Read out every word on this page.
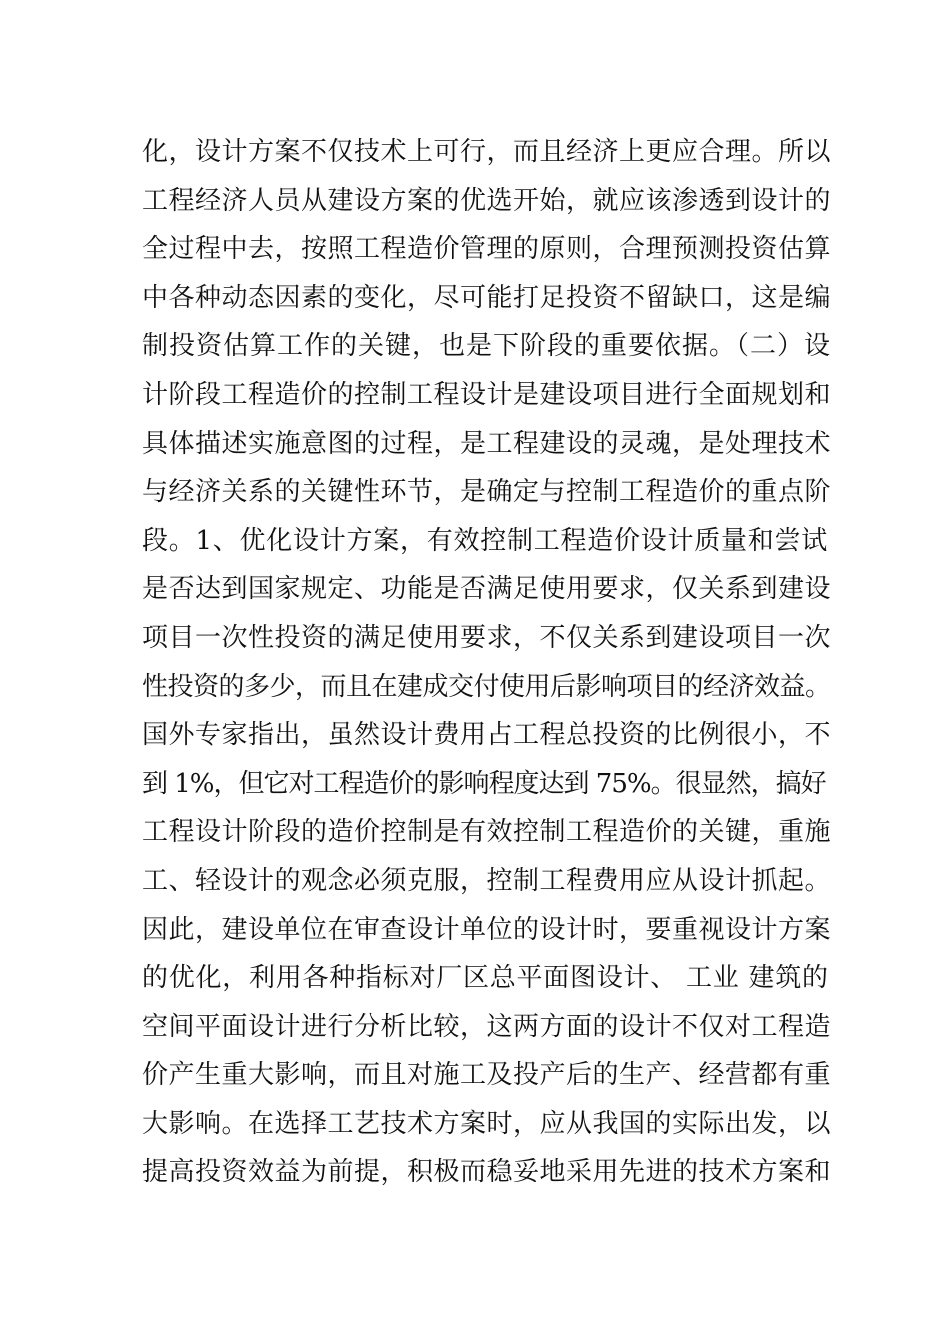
化，设计方案不仅技术上可行，而且经济上更应合理。所以
工程经济人员从建设方案的优选开始，就应该渗透到设计的
全过程中去，按照工程造价管理的原则，合理预测投资估算
中各种动态因素的变化，尽可能打足投资不留缺口，这是编
制投资估算工作的关键，也是下阶段的重要依据。（二）设
计阶段工程造价的控制工程设计是建设项目进行全面规划和
具体描述实施意图的过程，是工程建设的灵魂，是处理技术
与经济关系的关键性环节，是确定与控制工程造价的重点阶
段。1、优化设计方案，有效控制工程造价设计质量和尝试
是否达到国家规定、功能是否满足使用要求，仅关系到建设
项目一次性投资的满足使用要求，不仅关系到建设项目一次
性投资的多少，而且在建成交付使用后影响项目的经济效益。
国外专家指出，虽然设计费用占工程总投资的比例很小，不
到 1%，但它对工程造价的影响程度达到 75%。很显然，搞好
工程设计阶段的造价控制是有效控制工程造价的关键，重施
工、轻设计的观念必须克服，控制工程费用应从设计抓起。
因此，建设单位在审查设计单位的设计时，要重视设计方案
的优化，利用各种指标对厂区总平面图设计、 工业 建筑的
空间平面设计进行分析比较，这两方面的设计不仅对工程造
价产生重大影响，而且对施工及投产后的生产、经营都有重
大影响。在选择工艺技术方案时，应从我国的实际出发，以
提高投资效益为前提，积极而稳妥地采用先进的技术方案和
